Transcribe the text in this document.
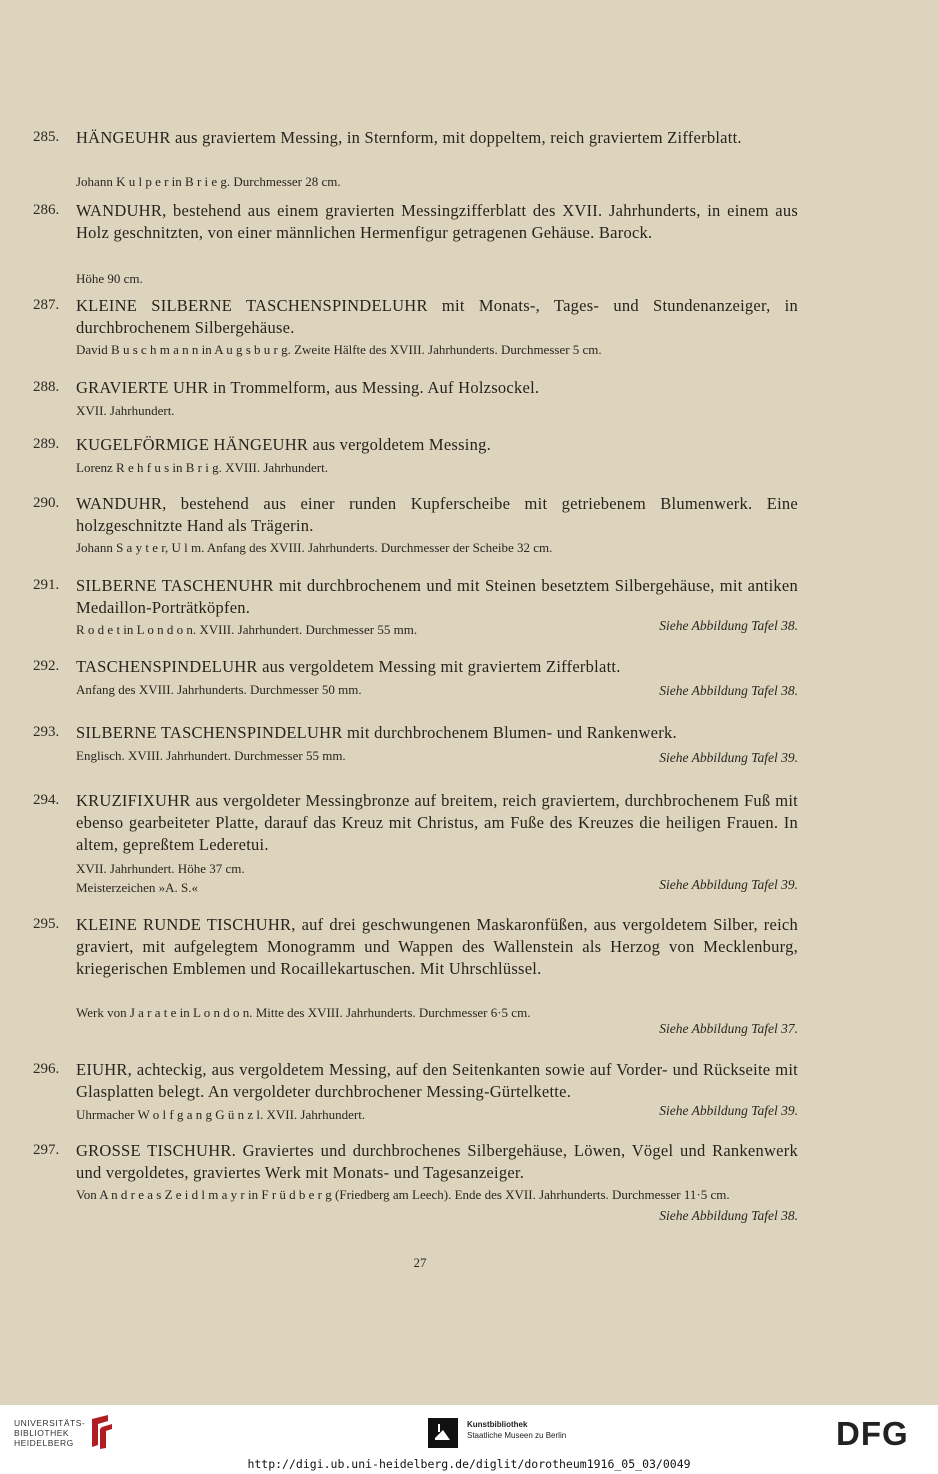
285. HÄNGEUHR aus graviertem Messing, in Sternform, mit doppeltem, reich graviertem Zifferblatt.
Johann K u l p e r in B r i e g. Durchmesser 28 cm.
286. WANDUHR, bestehend aus einem gravierten Messingzifferblatt des XVII. Jahrhunderts, in einem aus Holz geschnitzten, von einer männlichen Hermenfigur getragenen Gehäuse. Barock.
Höhe 90 cm.
287. KLEINE SILBERNE TASCHENSPINDELUHR mit Monats-, Tages- und Stundenanzeiger, in durchbrochenem Silbergehäuse.
David B u s c h m a n n in A u g s b u r g. Zweite Hälfte des XVIII. Jahrhunderts. Durchmesser 5 cm.
288. GRAVIERTE UHR in Trommelform, aus Messing. Auf Holzsockel.
XVII. Jahrhundert.
289. KUGELFÖRMIGE HÄNGEUHR aus vergoldetem Messing.
Lorenz R e h f u s in B r i g. XVIII. Jahrhundert.
290. WANDUHR, bestehend aus einer runden Kupferscheibe mit getriebenem Blumenwerk. Eine holzgeschnitzte Hand als Trägerin.
Johann S a y t e r, U l m. Anfang des XVIII. Jahrhunderts. Durchmesser der Scheibe 32 cm.
291. SILBERNE TASCHENUHR mit durchbrochenem und mit Steinen besetztem Silbergehäuse, mit antiken Medaillon-Porträtköpfen.
R o d e t in L o n d o n. XVIII. Jahrhundert. Durchmesser 55 mm.	Siehe Abbildung Tafel 38.
292. TASCHENSPINDELUHR aus vergoldetem Messing mit graviertem Zifferblatt.
Anfang des XVIII. Jahrhunderts. Durchmesser 50 mm.	Siehe Abbildung Tafel 38.
293. SILBERNE TASCHENSPINDELUHR mit durchbrochenem Blumen- und Rankenwerk.
Englisch. XVIII. Jahrhundert. Durchmesser 55 mm.	Siehe Abbildung Tafel 39.
294. KRUZIFIXUHR aus vergoldeter Messingbronze auf breitem, reich graviertem, durchbrochenem Fuß mit ebenso gearbeiteter Platte, darauf das Kreuz mit Christus, am Fuße des Kreuzes die heiligen Frauen. In altem, gepreßtem Lederetui.
XVII. Jahrhundert. Höhe 37 cm.
Meisterzeichen »A. S.«	Siehe Abbildung Tafel 39.
295. KLEINE RUNDE TISCHUHR, auf drei geschwungenen Maskaronfüßen, aus vergoldetem Silber, reich graviert, mit aufgelegtem Monogramm und Wappen des Wallenstein als Herzog von Mecklenburg, kriegerischen Emblemen und Rocaillekartuschen. Mit Uhrschlüssel.
Werk von J a r a t e in L o n d o n. Mitte des XVIII. Jahrhunderts. Durchmesser 6·5 cm.
Siehe Abbildung Tafel 37.
296. EIUHR, achteckig, aus vergoldetem Messing, auf den Seitenkanten sowie auf Vorder- und Rückseite mit Glasplatten belegt. An vergoldeter durchbrochener Messing-Gürtelkette.
Uhrmacher W o l f g a n g G ü n z l. XVII. Jahrhundert.	Siehe Abbildung Tafel 39.
297. GROSSE TISCHUHR. Graviertes und durchbrochenes Silbergehäuse, Löwen, Vögel und Rankenwerk und vergoldetes, graviertes Werk mit Monats- und Tagesanzeiger.
Von A n d r e a s Z e i d l m a y r in F r ü d b e r g (Friedberg am Leech). Ende des XVII. Jahrhunderts. Durchmesser 11·5 cm.
Siehe Abbildung Tafel 38.
27
UNIVERSITÄTS-
BIBLIOTHEK
HEIDELBERG
Kunstbibliothek
Staatliche Museen zu Berlin	DFG
http://digi.ub.uni-heidelberg.de/diglit/dorotheum1916_05_03/0049
